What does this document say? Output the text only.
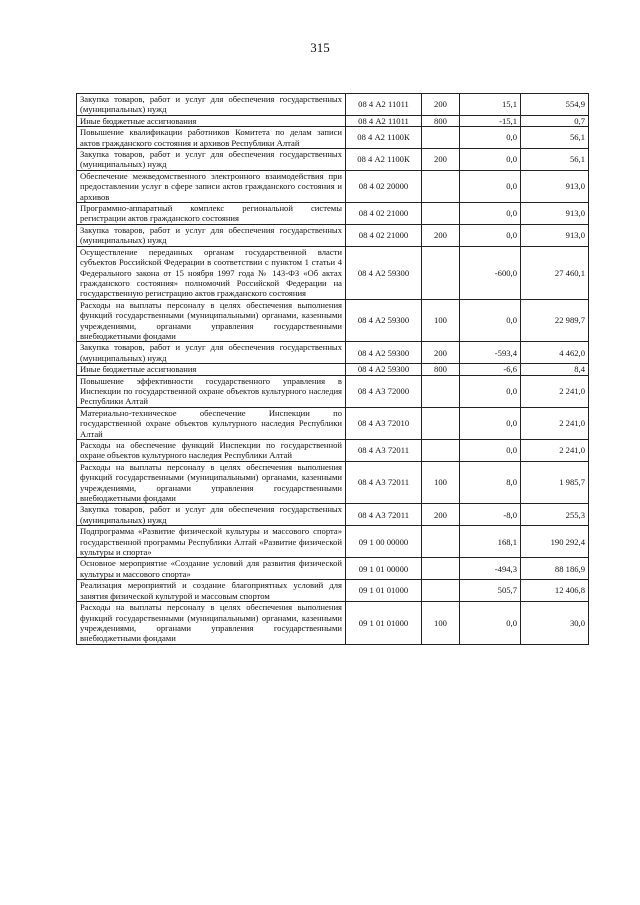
315
Закупка товаров, работ и услуг для обеспечения государственных (муниципальных) нужд	08 4 А2 11011	200	15,1	554,9
Иные бюджетные ассигнования	08 4 А2 11011	800	-15,1	0,7
Повышение квалификации работников Комитета по делам записи актов гражданского состояния и архивов Республики Алтай	08 4 А2 1100К		0,0	56,1
Закупка товаров, работ и услуг для обеспечения государственных (муниципальных) нужд	08 4 А2 1100К	200	0,0	56,1
Обеспечение межведомственного электронного взаимодействия при предоставлении услуг в сфере записи актов гражданского состояния и архивов	08 4 02 20000		0,0	913,0
Программно-аппаратный комплекс региональной системы регистрации актов гражданского состояния	08 4 02 21000		0,0	913,0
Закупка товаров, работ и услуг для обеспечения государственных (муниципальных) нужд	08 4 02 21000	200	0,0	913,0
Осуществление переданных органам государственной власти субъектов Российской Федерации в соответствии с пунктом 1 статьи 4 Федерального закона от 15 ноября 1997 года № 143-ФЗ «Об актах гражданского состояния» полномочий Российской Федерации на государственную регистрацию актов гражданского состояния	08 4 А2 59300		-600,0	27 460,1
Расходы на выплаты персоналу в целях обеспечения выполнения функций государственными (муниципальными) органами, казенными учреждениями, органами управления государственными внебюджетными фондами	08 4 А2 59300	100	0,0	22 989,7
Закупка товаров, работ и услуг для обеспечения государственных (муниципальных) нужд	08 4 А2 59300	200	-593,4	4 462,0
Иные бюджетные ассигнования	08 4 А2 59300	800	-6,6	8,4
Повышение эффективности государственного управления в Инспекции по государственной охране объектов культурного наследия Республики Алтай	08 4 А3 72000		0,0	2 241,0
Материально-техническое обеспечение Инспекции по государственной охране объектов культурного наследия Республики Алтай	08 4 А3 72010		0,0	2 241,0
Расходы на обеспечение функций Инспекции по государственной охране объектов культурного наследия Республики Алтай	08 4 А3 72011		0,0	2 241,0
Расходы на выплаты персоналу в целях обеспечения выполнения функций государственными (муниципальными) органами, казенными учреждениями, органами управления государственными внебюджетными фондами	08 4 А3 72011	100	8,0	1 985,7
Закупка товаров, работ и услуг для обеспечения государственных (муниципальных) нужд	08 4 А3 72011	200	-8,0	255,3
Подпрограмма «Развитие физической культуры и массового спорта» государственной программы Республики Алтай «Развитие физической культуры и спорта»	09 1 00 00000		168,1	190 292,4
Основное мероприятие «Создание условий для развития физической культуры и массового спорта»	09 1 01 00000		-494,3	88 186,9
Реализация мероприятий и создание благоприятных условий для занятия физической культурой и массовым спортом	09 1 01 01000		505,7	12 406,8
Расходы на выплаты персоналу в целях обеспечения выполнения функций государственными (муниципальными) органами, казенными учреждениями, органами управления государственными внебюджетными фондами	09 1 01 01000	100	0,0	30,0
